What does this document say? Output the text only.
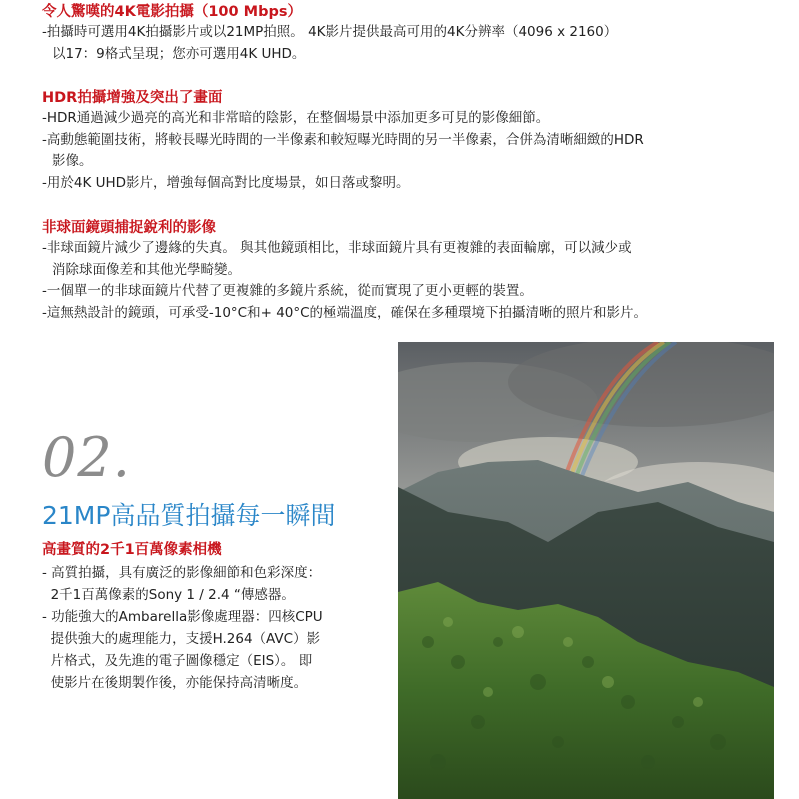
令人驚嘆的4K電影拍攝（100 Mbps）

-拍攝時可選用4K拍攝影片或以21MP拍照。 4K影片提供最高可用的4K分辨率（4096 x 2160）

以17：9格式呈現；您亦可選用4K UHD。

HDR拍攝增強及突出了畫面

-HDR通過減少過亮的高光和非常暗的陰影，在整個場景中添加更多可見的影像細節。

-高動態範圍技術，將較長曝光時間的一半像素和較短曝光時間的另一半像素，合併為清晰細緻的HDR

影像。

-用於4K UHD影片，增強每個高對比度場景，如日落或黎明。

非球面鏡頭捕捉銳利的影像

-非球面鏡片減少了邊緣的失真。 與其他鏡頭相比，非球面鏡片具有更複雜的表面輪廓，可以減少或

消除球面像差和其他光學畸變。

-一個單一的非球面鏡片代替了更複雜的多鏡片系統，從而實現了更小更輕的裝置。

-這無熱設計的鏡頭，可承受-10°C和+ 40°C的極端溫度，確保在多種環境下拍攝清晰的照片和影片。

02.
21MP高品質拍攝每一瞬間
高畫質的2千1百萬像素相機

- 高質拍攝，具有廣泛的影像細節和色彩深度：

2千1百萬像素的Sony 1 / 2.4 “傳感器。

- 功能強大的Ambarella影像處理器：四核CPU

提供強大的處理能力，支援H.264（AVC）影

片格式，及先進的電子圖像穩定（EIS）。 即

使影片在後期製作後，亦能保持高清晰度。
